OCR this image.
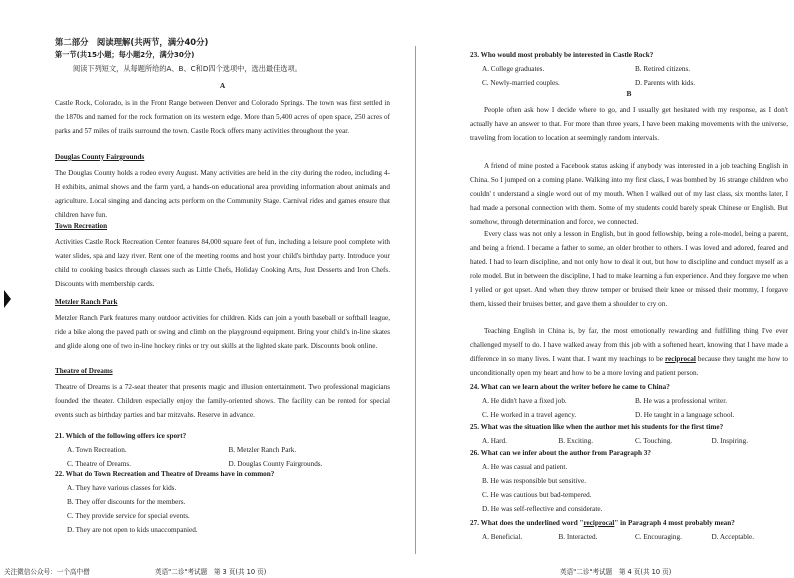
第二部分　阅读理解(共两节，满分40分)
第一节(共15小题；每小题2分，满分30分)
阅读下列短文，从每题所给的A、B、C和D四个选项中，选出最佳选项。
A

Castle Rock, Colorado, is in the Front Range between Denver and Colorado Springs. The town was first settled in the 1870s and named for the rock formation on its western edge. More than 5,400 acres of open space, 250 acres of parks and 57 miles of trails surround the town. Castle Rock offers many activities throughout the year.

Douglas County Fairgrounds

The Douglas County holds a rodeo every August. Many activities are held in the city during the rodeo, including 4-H exhibits, animal shows and the farm yard, a hands-on educational area providing information about animals and agriculture. Local singing and dancing acts perform on the Community Stage. Carnival rides and games ensure that children have fun.

Town Recreation

Activities Castle Rock Recreation Center features 84,000 square feet of fun, including a leisure pool complete with water slides, spa and lazy river. Rent one of the meeting rooms and host your child's birthday party. Introduce your child to cooking basics through classes such as Little Chefs, Holiday Cooking Arts, Just Desserts and Iron Chefs. Discounts with membership cards.

Metzler Ranch Park

Metzler Ranch Park features many outdoor activities for children. Kids can join a youth baseball or softball league, ride a bike along the paved path or swing and climb on the playground equipment. Bring your child's in-line skates and glide along one of two in-line hockey rinks or try out skills at the lighted skate park. Discounts book online.

Theatre of Dreams

Theatre of Dreams is a 72-seat theater that presents magic and illusion entertainment. Two professional magicians founded the theater. Children especially enjoy the family-oriented shows. The facility can be rented for special events such as birthday parties and bar mitzvahs. Reserve in advance.

21. Which of the following offers ice sport?
A. Town Recreation.	B. Metzler Ranch Park.
C. Theatre of Dreams.	D. Douglas County Fairgrounds.
22. What do Town Recreation and Theatre of Dreams have in common?
A. They have various classes for kids.
B. They offer discounts for the members.
C. They provide service for special events.
D. They are not open to kids unaccompanied.
英语"二诊"考试题　第 3 页(共 10 页)
关注微信公众号：一个高中僧
23. Who would most probably be interested in Castle Rock?
A. College graduates.	B. Retired citizens.
C. Newly-married couples.	D. Parents with kids.
B

People often ask how I decide where to go, and I usually get hesitated with my response, as I don't actually have an answer to that. For more than three years, I have been making movements with the universe, traveling from location to location at seemingly random intervals.

A friend of mine posted a Facebook status asking if anybody was interested in a job teaching English in China. So I jumped on a coming plane. Walking into my first class, I was bombed by 16 strange children who couldn' t understand a single word out of my mouth. When I walked out of my last class, six months later, I had made a personal connection with them. Some of my students could barely speak Chinese or English. But somehow, through determination and force, we connected.

Every class was not only a lesson in English, but in good fellowship, being a role-model, being a parent, and being a friend. I became a father to some, an older brother to others. I was loved and adored, feared and hated. I had to learn discipline, and not only how to deal it out, but how to discipline and conduct myself as a role model. But in between the discipline, I had to make learning a fun experience. And they forgave me when I yelled or got upset. And when they threw temper or bruised their knee or missed their mommy, I forgave them, kissed their bruises better, and gave them a shoulder to cry on.

Teaching English in China is, by far, the most emotionally rewarding and fulfilling thing I've ever challenged myself to do. I have walked away from this job with a softened heart, knowing that I have made a difference in so many lives. I want that. I want my teachings to be reciprocal because they taught me how to unconditionally open my heart and how to be a more loving and patient person.

24. What can we learn about the writer before he came to China?
A. He didn't have a fixed job.	B. He was a professional writer.
C. He worked in a travel agency.	D. He taught in a language school.
25. What was the situation like when the author met his students for the first time?
A. Hard.	B. Exciting.	C. Touching.	D. Inspiring.
26. What can we infer about the author from Paragraph 3?
A. He was casual and patient.
B. He was responsible but sensitive.
C. He was cautious but bad-tempered.
D. He was self-reflective and considerate.
27. What does the underlined word "reciprocal" in Paragraph 4 most probably mean?
A. Beneficial.	B. Interacted.	C. Encouraging.	D. Acceptable.
英语"二诊"考试题　第 4 页(共 10 页)
